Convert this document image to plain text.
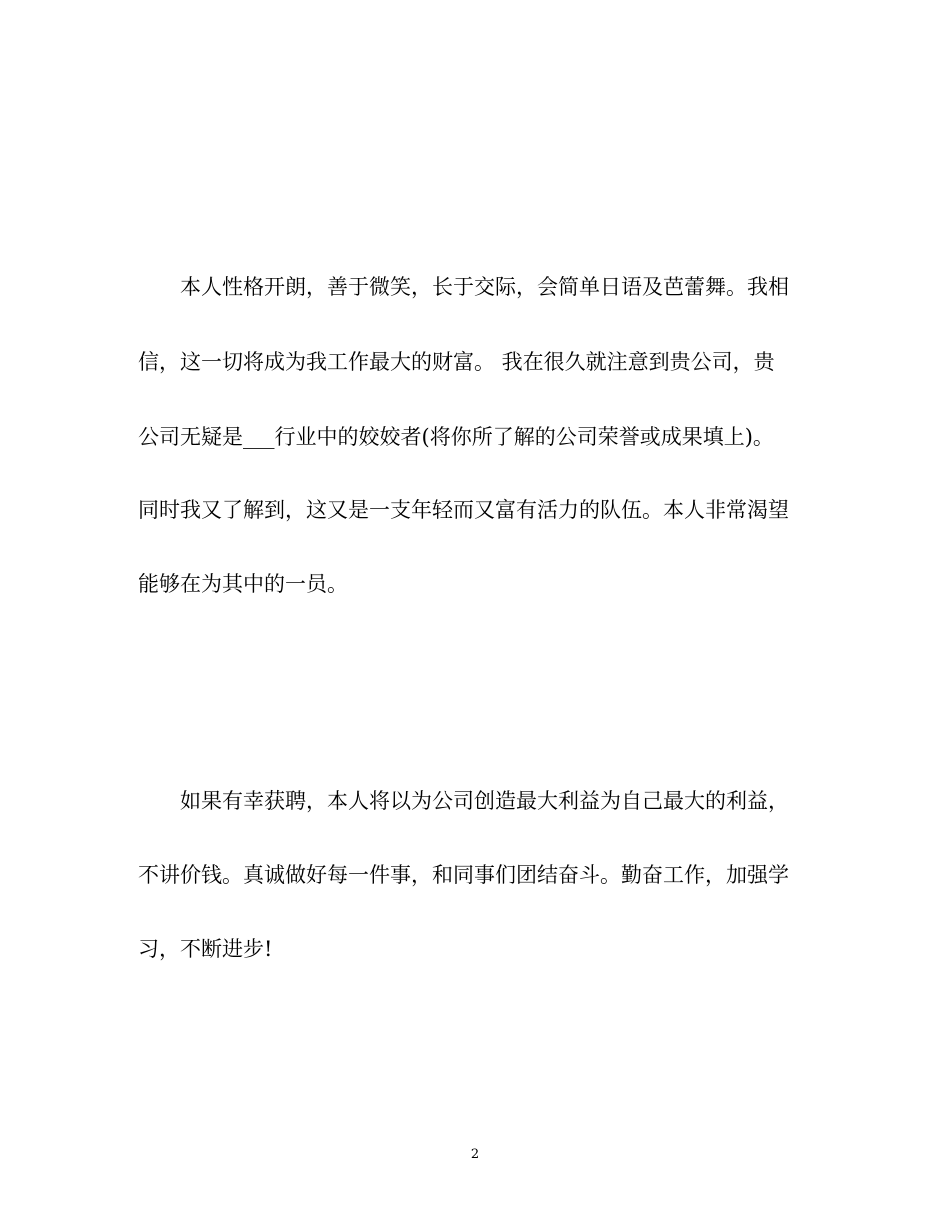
本人性格开朗，善于微笑，长于交际，会简单日语及芭蕾舞。我相
信，这一切将成为我工作最大的财富。 我在很久就注意到贵公司，贵
公司无疑是___行业中的姣姣者(将你所了解的公司荣誉或成果填上)。
同时我又了解到，这又是一支年轻而又富有活力的队伍。本人非常渴望
能够在为其中的一员。
如果有幸获聘，本人将以为公司创造最大利益为自己最大的利益，
不讲价钱。真诚做好每一件事，和同事们团结奋斗。勤奋工作，加强学
习，不断进步!
2
